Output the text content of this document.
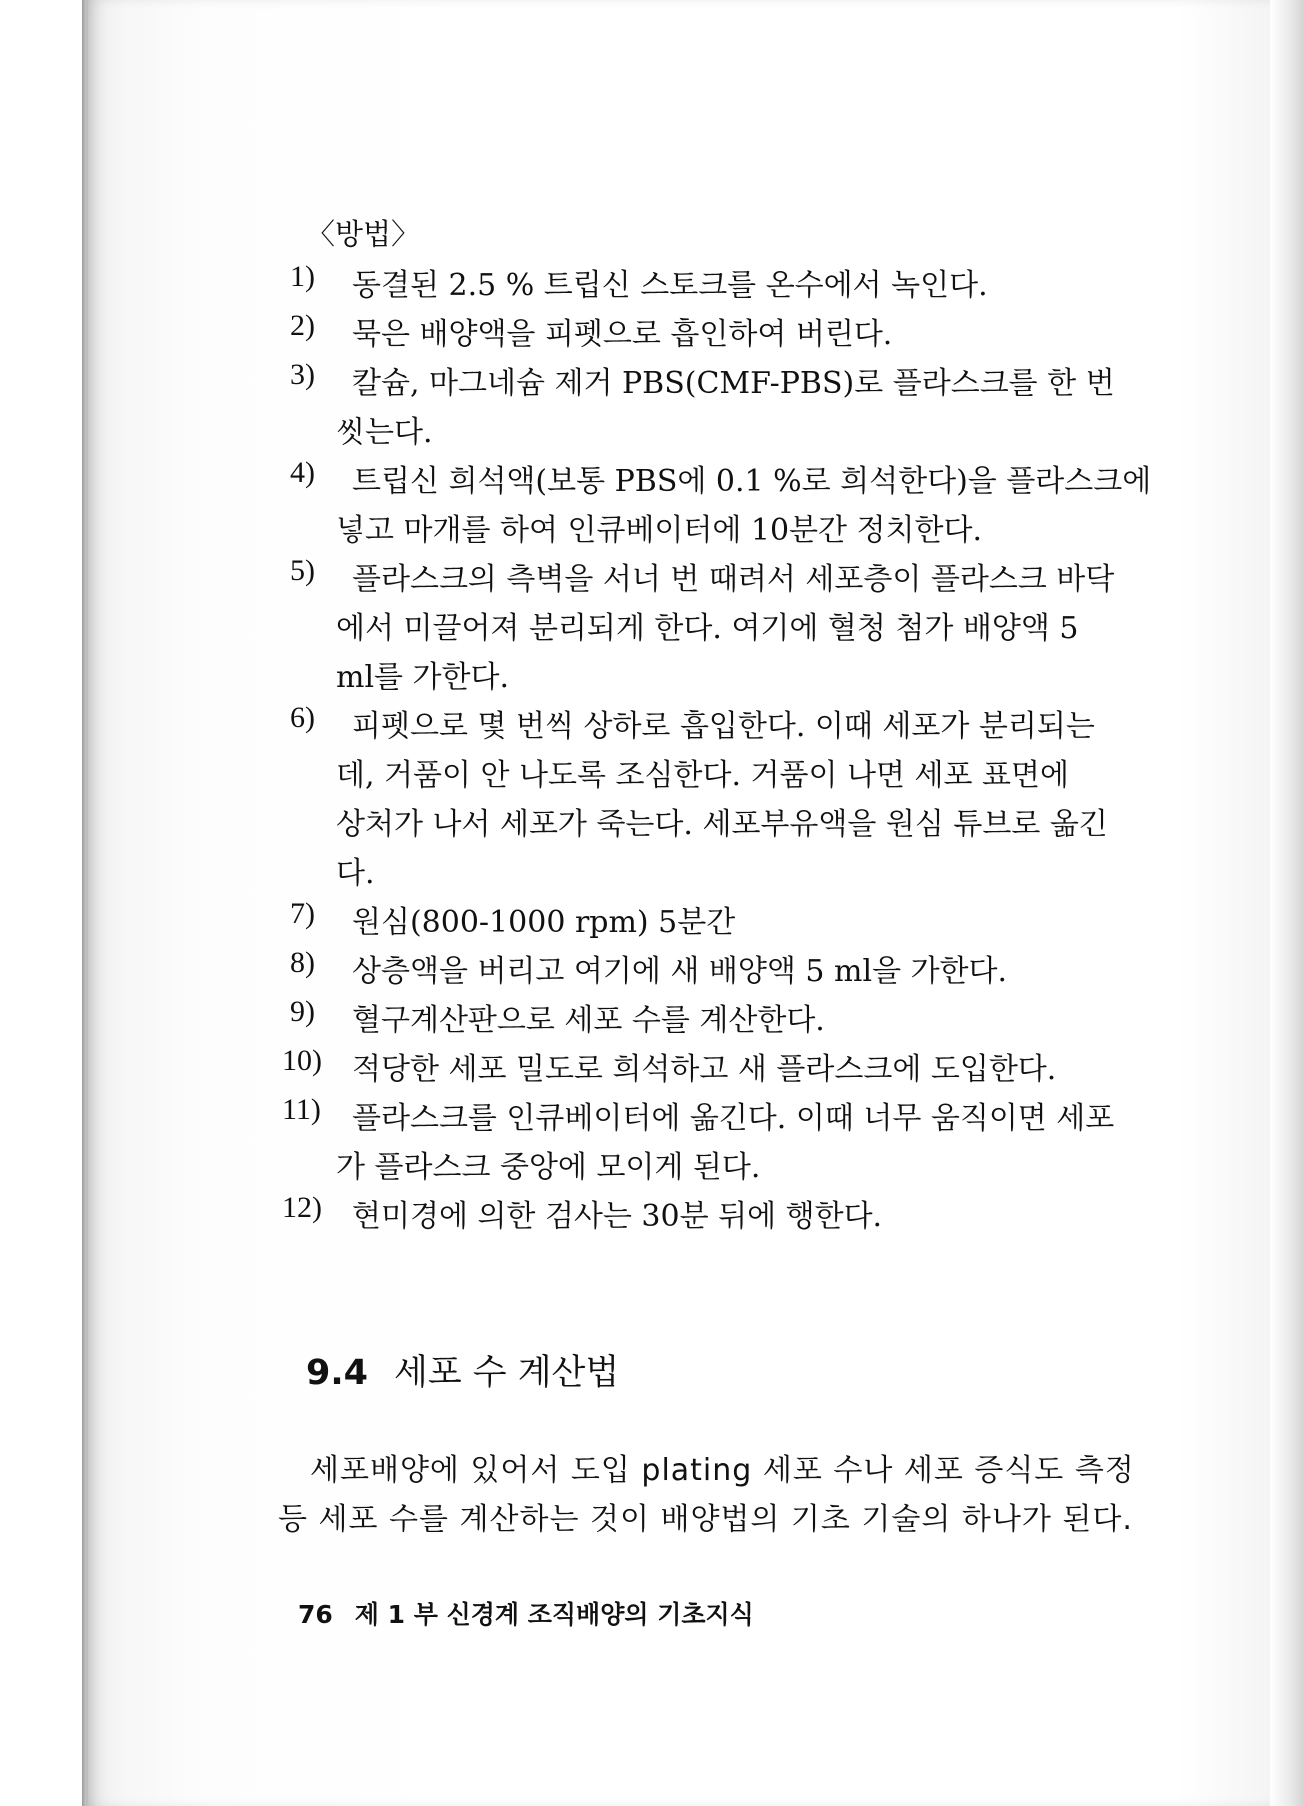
〈방법〉
1)	동결된 2.5 % 트립신 스토크를 온수에서 녹인다.
2)	묵은 배양액을 피펫으로 흡인하여 버린다.
3)	칼슘, 마그네슘 제거 PBS(CMF-PBS)로 플라스크를 한 번
씻는다.
4)	트립신 희석액(보통 PBS에 0.1 %로 희석한다)을 플라스크에
넣고 마개를 하여 인큐베이터에 10분간 정치한다.
5)	플라스크의 측벽을 서너 번 때려서 세포층이 플라스크 바닥
에서 미끌어져 분리되게 한다. 여기에 혈청 첨가 배양액 5
ml를 가한다.
6)	피펫으로 몇 번씩 상하로 흡입한다. 이때 세포가 분리되는
데, 거품이 안 나도록 조심한다. 거품이 나면 세포 표면에
상처가 나서 세포가 죽는다. 세포부유액을 원심 튜브로 옮긴
다.
7)	원심(800-1000 rpm) 5분간
8)	상층액을 버리고 여기에 새 배양액 5 ml을 가한다.
9)	혈구계산판으로 세포 수를 계산한다.
10) 적당한 세포 밀도로 희석하고 새 플라스크에 도입한다.
11)	플라스크를 인큐베이터에 옮긴다. 이때 너무 움직이면 세포
가 플라스크 중앙에 모이게 된다.
12) 현미경에 의한 검사는 30분 뒤에 행한다.
9.4 세포 수 계산법
세포배양에 있어서 도입 plating 세포 수나 세포 증식도 측정
등 세포 수를 계산하는 것이 배양법의 기초 기술의 하나가 된다.
76 제 1 부 신경계 조직배양의 기초지식
